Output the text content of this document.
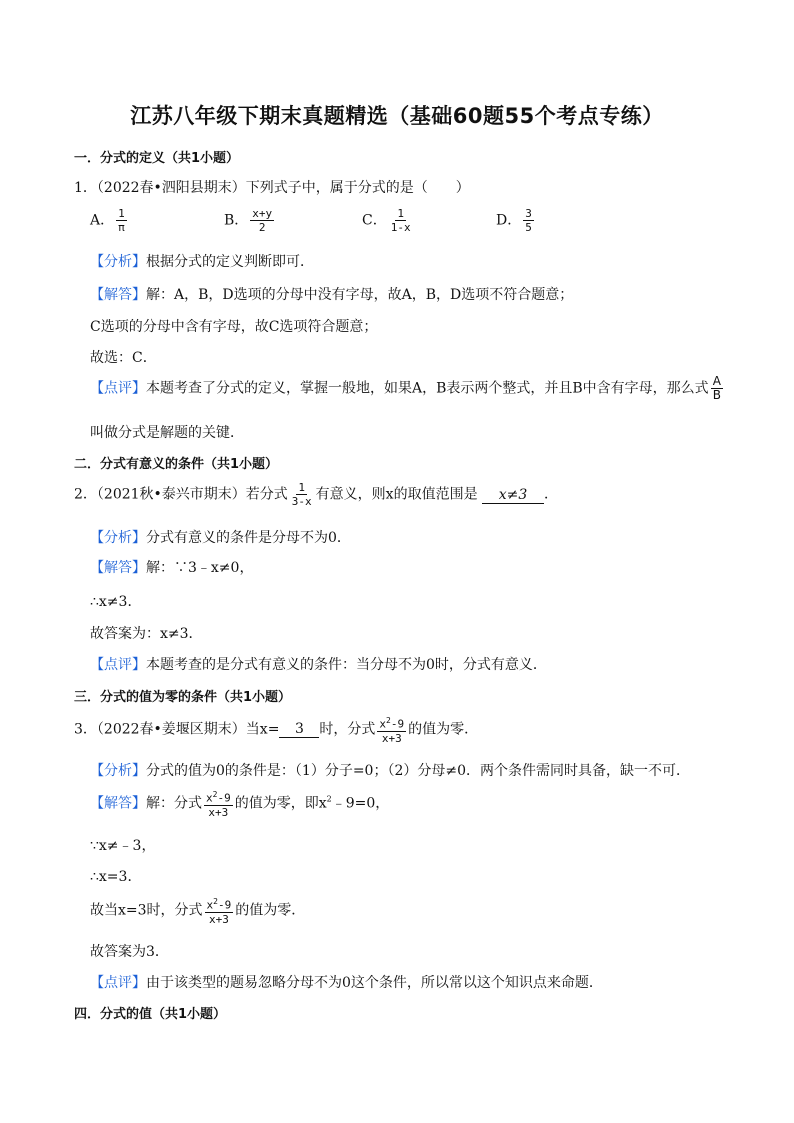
江苏八年级下期末真题精选（基础60题55个考点专练）
一．分式的定义（共1小题）
1．（2022春•泗阳县期末）下列式子中，属于分式的是（　　）
A． $\frac{1}{\pi}$	B． $\frac{x+y}{2}$	C． $\frac{1}{1-x}$	D． $\frac{3}{5}$
【分析】根据分式的定义判断即可．
【解答】解：A，B，D选项的分母中没有字母，故A，B，D选项不符合题意；
C选项的分母中含有字母，故C选项符合题意；
故选：C．
【点评】本题考查了分式的定义，掌握一般地，如果A，B表示两个整式，并且B中含有字母，那么式 $\frac{A}{B}$
叫做分式是解题的关键．
二．分式有意义的条件（共1小题）
2．（2021秋•泰兴市期末）若分式 $\frac{1}{3-x}$ 有意义，则x的取值范围是 x≠3 ．
【分析】分式有意义的条件是分母不为0．
【解答】解：∵3﹣x≠0，
∴x≠3．
故答案为：x≠3．
【点评】本题考查的是分式有意义的条件：当分母不为0时，分式有意义．
三．分式的值为零的条件（共1小题）
3．（2022春•姜堰区期末）当x= 3 时，分式 $\frac{x^2-9}{x+3}$ 的值为零．
【分析】分式的值为0的条件是：（1）分子=0；（2）分母≠0．两个条件需同时具备，缺一不可．
【解答】解：分式 $\frac{x^2-9}{x+3}$ 的值为零，即$x^2﹣9=0$，
∵x≠﹣3，
∴x=3．
故当x=3时，分式 $\frac{x^2-9}{x+3}$ 的值为零．
故答案为3．
【点评】由于该类型的题易忽略分母不为0这个条件，所以常以这个知识点来命题．
四．分式的值（共1小题）
